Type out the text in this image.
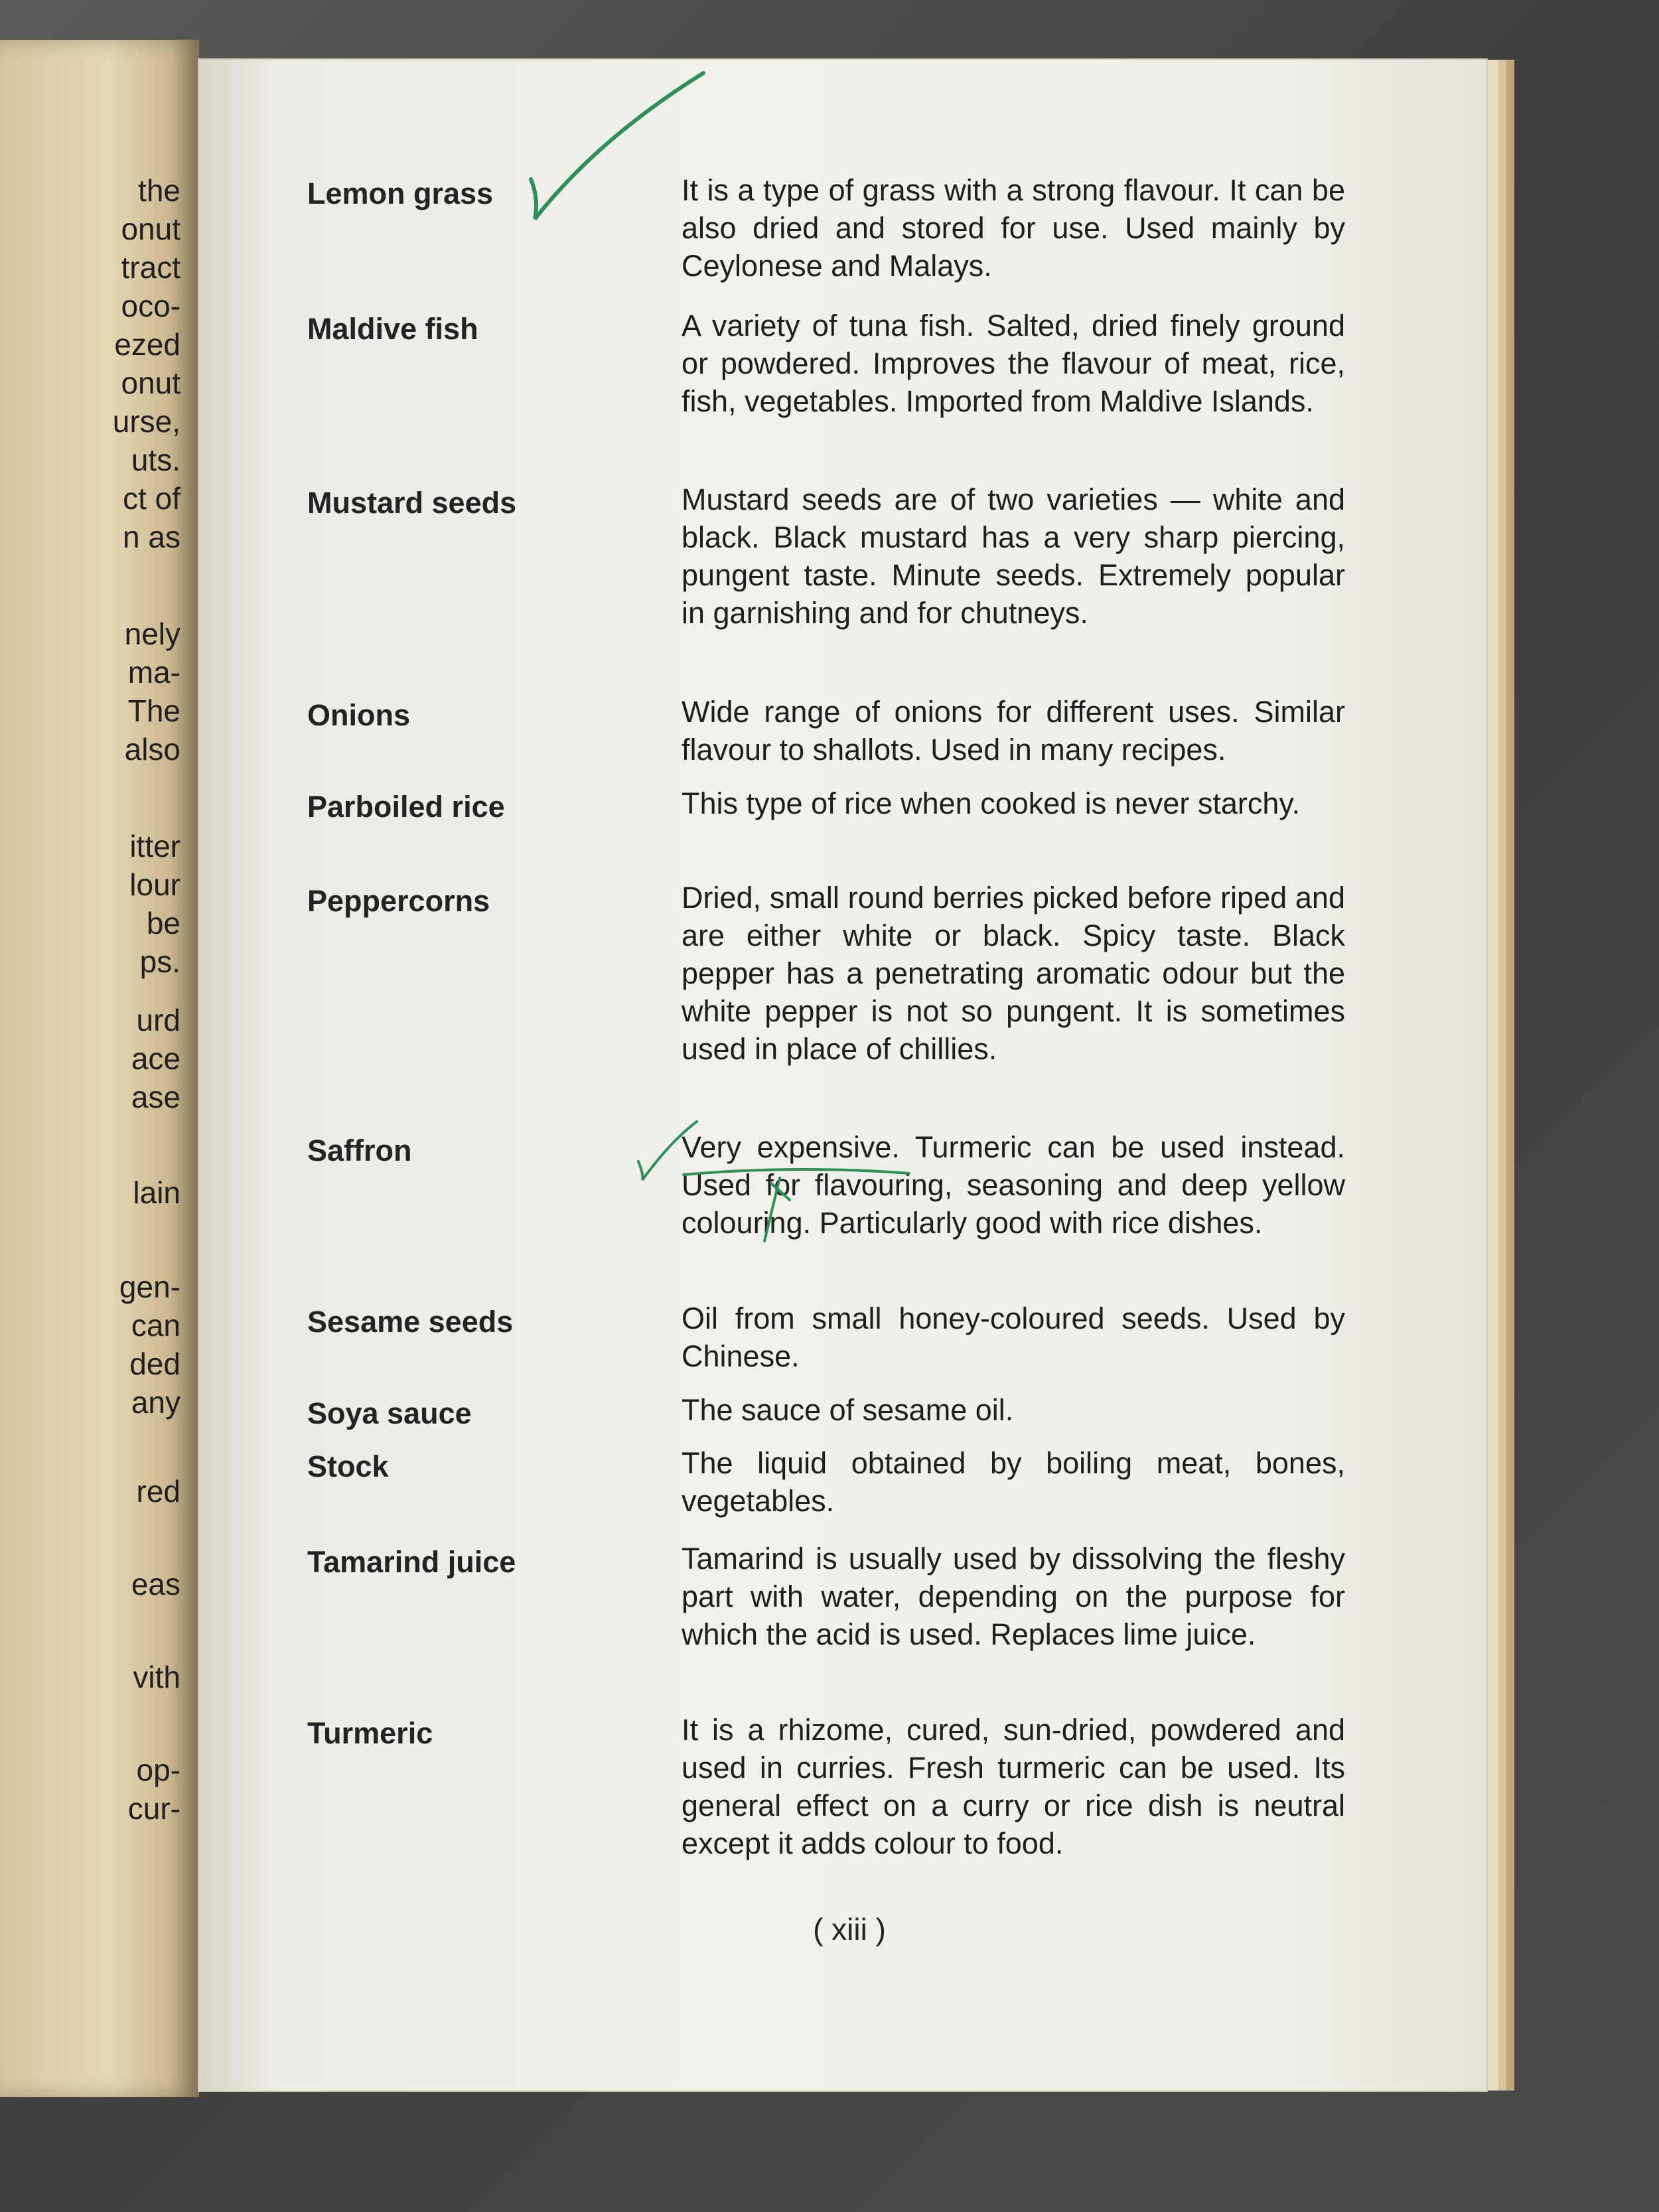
the
onut
tract
oco-
ezed
onut
urse,
uts.
ct of
n as
nely
ma-
The
also
itter
lour
be
ps.
urd
ace
ase
lain
gen-
can
ded
any
red
eas
vith
op-
cur-
Lemon grass	It is a type of grass with a strong flavour. It can be also dried and stored for use. Used mainly by Ceylonese and Malays.
Maldive fish	A variety of tuna fish. Salted, dried finely ground or powdered. Improves the flavour of meat, rice, fish, vegetables. Imported from Maldive Islands.
Mustard seeds	Mustard seeds are of two varieties — white and black. Black mustard has a very sharp piercing, pungent taste. Minute seeds. Extremely popular in garnishing and for chutneys.
Onions	Wide range of onions for different uses. Similar flavour to shallots. Used in many recipes.
Parboiled rice	This type of rice when cooked is never starchy.
Peppercorns	Dried, small round berries picked before riped and are either white or black. Spicy taste. Black pepper has a penetrating aromatic odour but the white pepper is not so pungent. It is sometimes used in place of chillies.
Saffron	Very expensive. Turmeric can be used instead. Used for flavouring, seasoning and deep yellow colouring. Particularly good with rice dishes.
Sesame seeds	Oil from small honey-coloured seeds. Used by Chinese.
Soya sauce	The sauce of sesame oil.
Stock	The liquid obtained by boiling meat, bones, vegetables.
Tamarind juice	Tamarind is usually used by dissolving the fleshy part with water, depending on the purpose for which the acid is used. Replaces lime juice.
Turmeric	It is a rhizome, cured, sun-dried, powdered and used in curries. Fresh turmeric can be used. Its general effect on a curry or rice dish is neutral except it adds colour to food.
( xiii )
